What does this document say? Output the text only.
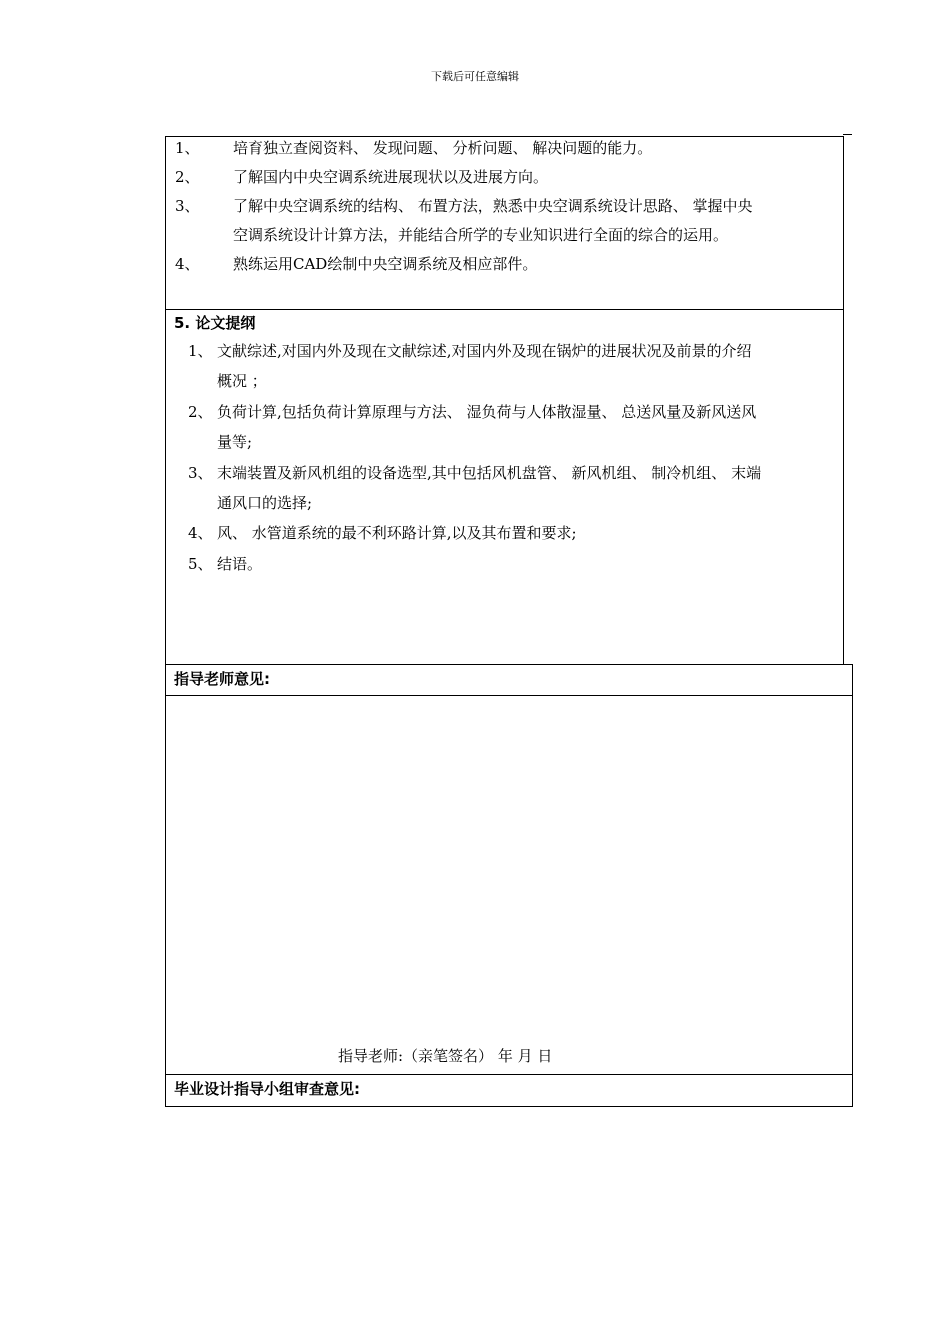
下载后可任意编辑
1、	培育独立查阅资料、 发现问题、 分析问题、 解决问题的能力。
2、	了解国内中央空调系统进展现状以及进展方向。
3、	了解中央空调系统的结构、 布置方法，熟悉中央空调系统设计思路、 掌握中央
空调系统设计计算方法，并能结合所学的专业知识进行全面的综合的运用。
4、	熟练运用CAD绘制中央空调系统及相应部件。
5. 论文提纲
1、 文献综述,对国内外及现在文献综述,对国内外及现在锅炉的进展状况及前景的介绍
概况 ；
2、 负荷计算,包括负荷计算原理与方法、 湿负荷与人体散湿量、 总送风量及新风送风
量等;
3、 末端装置及新风机组的设备选型,其中包括风机盘管、 新风机组、 制冷机组、 末端
通风口的选择;
4、 风、 水管道系统的最不利环路计算,以及其布置和要求;
5、 结语。
指导老师意见:
指导老师:（亲笔签名） 年 月 日
毕业设计指导小组审查意见:
